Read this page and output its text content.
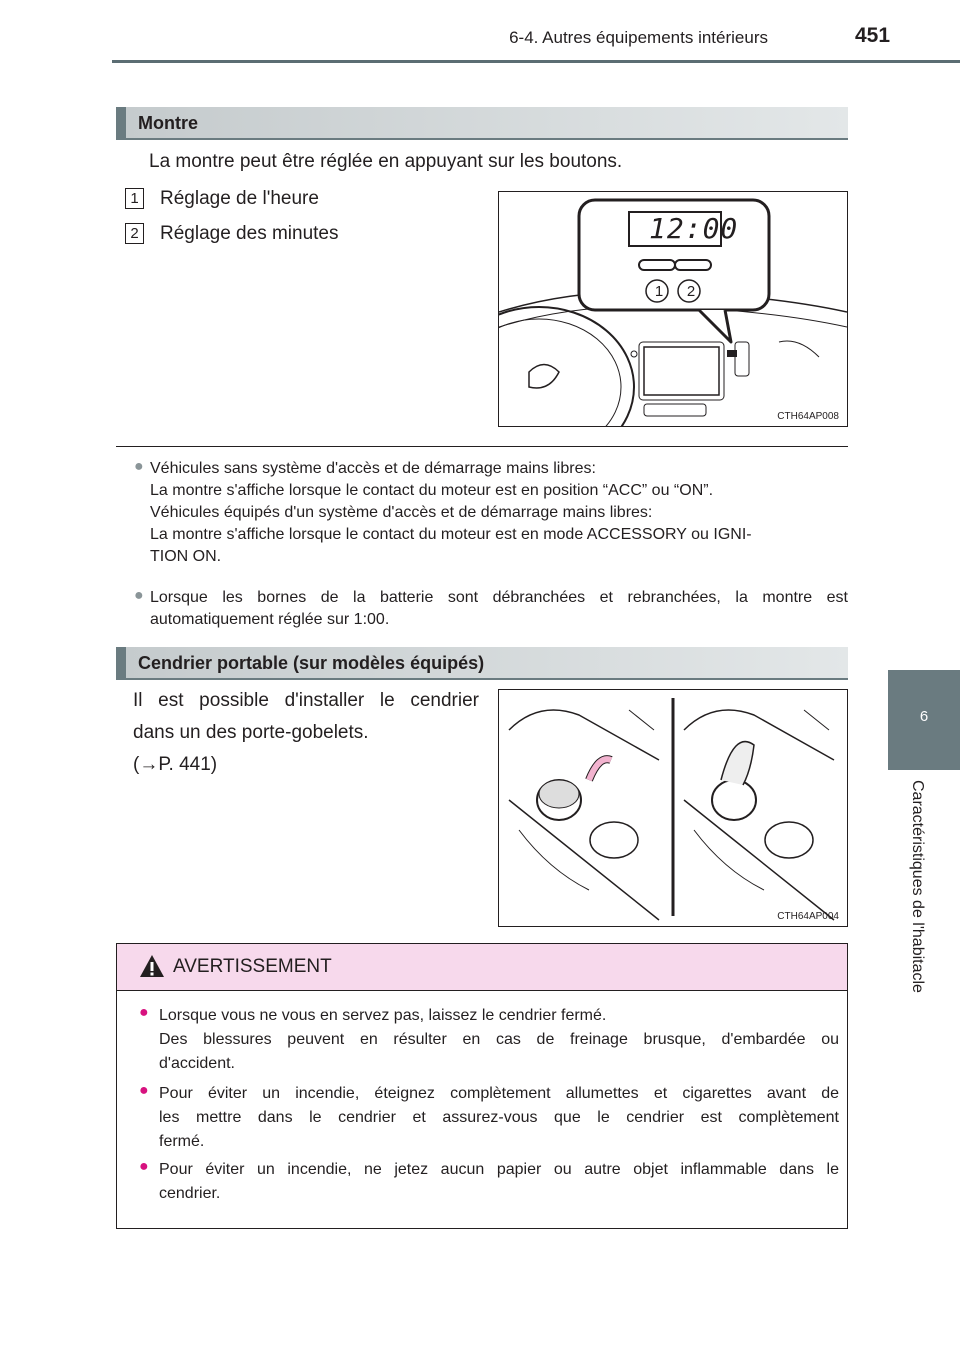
6-4. Autres équipements intérieurs	451
6
Caractéristiques de l'habitacle
Montre
La montre peut être réglée en appuyant sur les boutons.
1 Réglage de l'heure
2 Réglage des minutes	12:00
1 2
CTH64AP008
● Véhicules sans système d'accès et de démarrage mains libres:
La montre s'affiche lorsque le contact du moteur est en position “ACC” ou “ON”.
Véhicules équipés d'un système d'accès et de démarrage mains libres:
La montre s'affiche lorsque le contact du moteur est en mode ACCESSORY ou IGNI-
TION ON.
● Lorsque les bornes de la batterie sont débranchées et rebranchées, la montre est
automatiquement réglée sur 1:00.
Cendrier portable (sur modèles équipés)
Il est possible d'installer le cendrier
dans un des porte-gobelets.
(→P. 441)
CTH64AP004
AVERTISSEMENT
● Lorsque vous ne vous en servez pas, laissez le cendrier fermé.
Des blessures peuvent en résulter en cas de freinage brusque, d'embardée ou
d'accident.
● Pour éviter un incendie, éteignez complètement allumettes et cigarettes avant de
les mettre dans le cendrier et assurez-vous que le cendrier est complètement
fermé.
● Pour éviter un incendie, ne jetez aucun papier ou autre objet inflammable dans le
cendrier.
